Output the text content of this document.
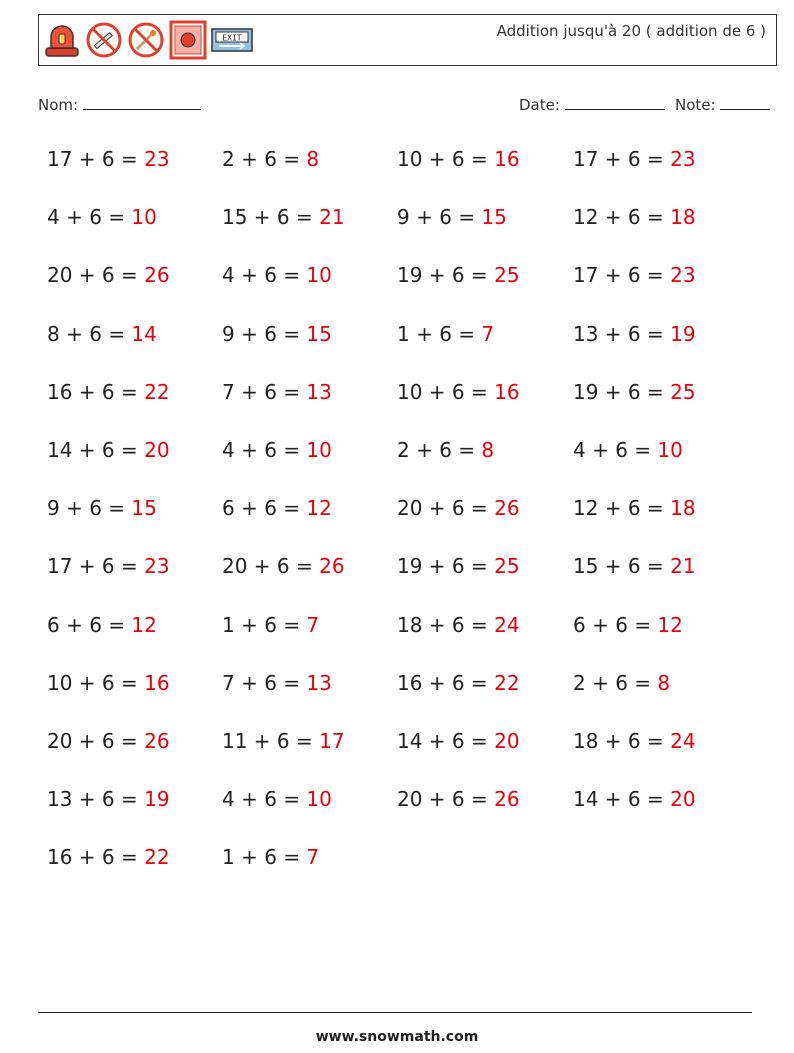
EXIT	Addition jusqu'à 20 ( addition de 6 )
Nom:	Date:	Note:
17 + 6 = 23	2 + 6 = 8	10 + 6 = 16	17 + 6 = 23
4 + 6 = 10	15 + 6 = 21	9 + 6 = 15	12 + 6 = 18
20 + 6 = 26	4 + 6 = 10	19 + 6 = 25	17 + 6 = 23
8 + 6 = 14	9 + 6 = 15	1 + 6 = 7	13 + 6 = 19
16 + 6 = 22	7 + 6 = 13	10 + 6 = 16	19 + 6 = 25
14 + 6 = 20	4 + 6 = 10	2 + 6 = 8	4 + 6 = 10
9 + 6 = 15	6 + 6 = 12	20 + 6 = 26	12 + 6 = 18
17 + 6 = 23	20 + 6 = 26	19 + 6 = 25	15 + 6 = 21
6 + 6 = 12	1 + 6 = 7	18 + 6 = 24	6 + 6 = 12
10 + 6 = 16	7 + 6 = 13	16 + 6 = 22	2 + 6 = 8
20 + 6 = 26	11 + 6 = 17	14 + 6 = 20	18 + 6 = 24
13 + 6 = 19	4 + 6 = 10	20 + 6 = 26	14 + 6 = 20
16 + 6 = 22	1 + 6 = 7
www.snowmath.com
